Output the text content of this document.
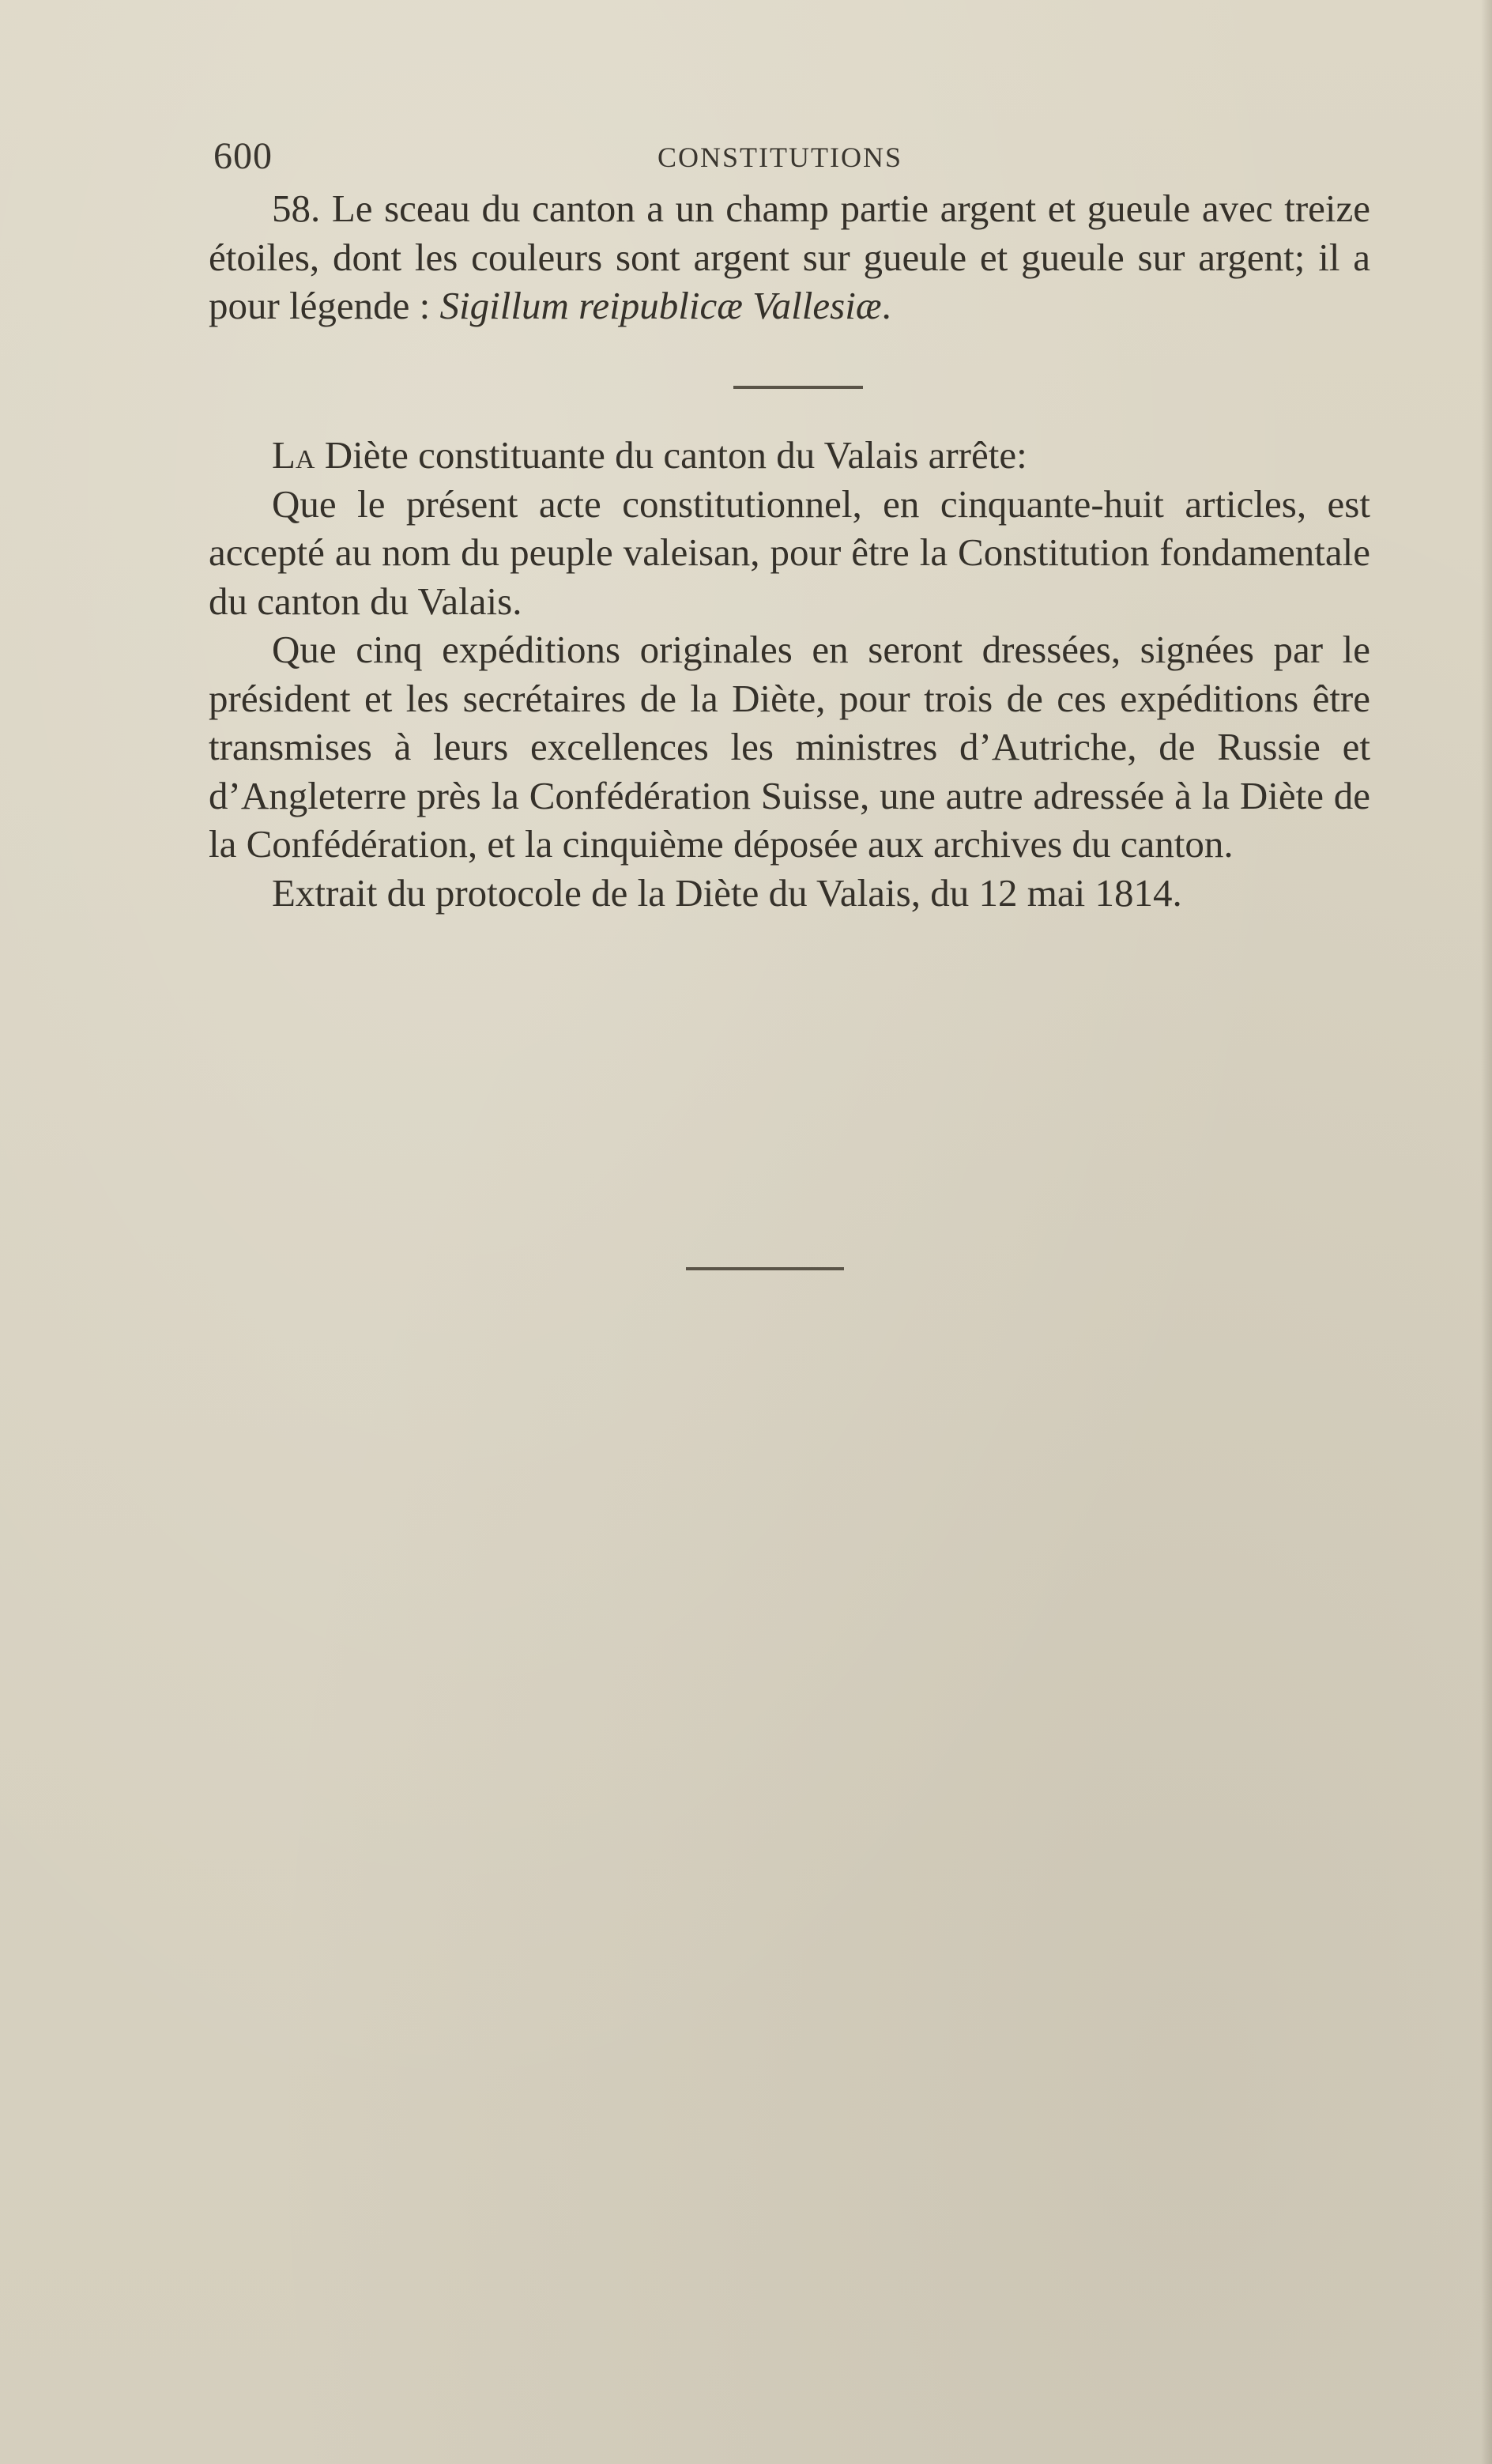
600	CONSTITUTIONS

58. Le sceau du canton a un champ partie argent et gueule avec treize étoiles, dont les couleurs sont argent sur gueule et gueule sur argent; il a pour légende : Sigillum reipublicæ Vallesiæ.

La Diète constituante du canton du Valais arrête:

Que le présent acte constitutionnel, en cinquante-huit articles, est accepté au nom du peuple valeisan, pour être la Constitution fondamentale du canton du Valais.

Que cinq expéditions originales en seront dressées, signées par le président et les secrétaires de la Diète, pour trois de ces expéditions être transmises à leurs excellences les ministres d’Autriche, de Russie et d’Angleterre près la Confédération Suisse, une autre adressée à la Diète de la Confédération, et la cinquième déposée aux archives du canton.

Extrait du protocole de la Diète du Valais, du 12 mai 1814.
